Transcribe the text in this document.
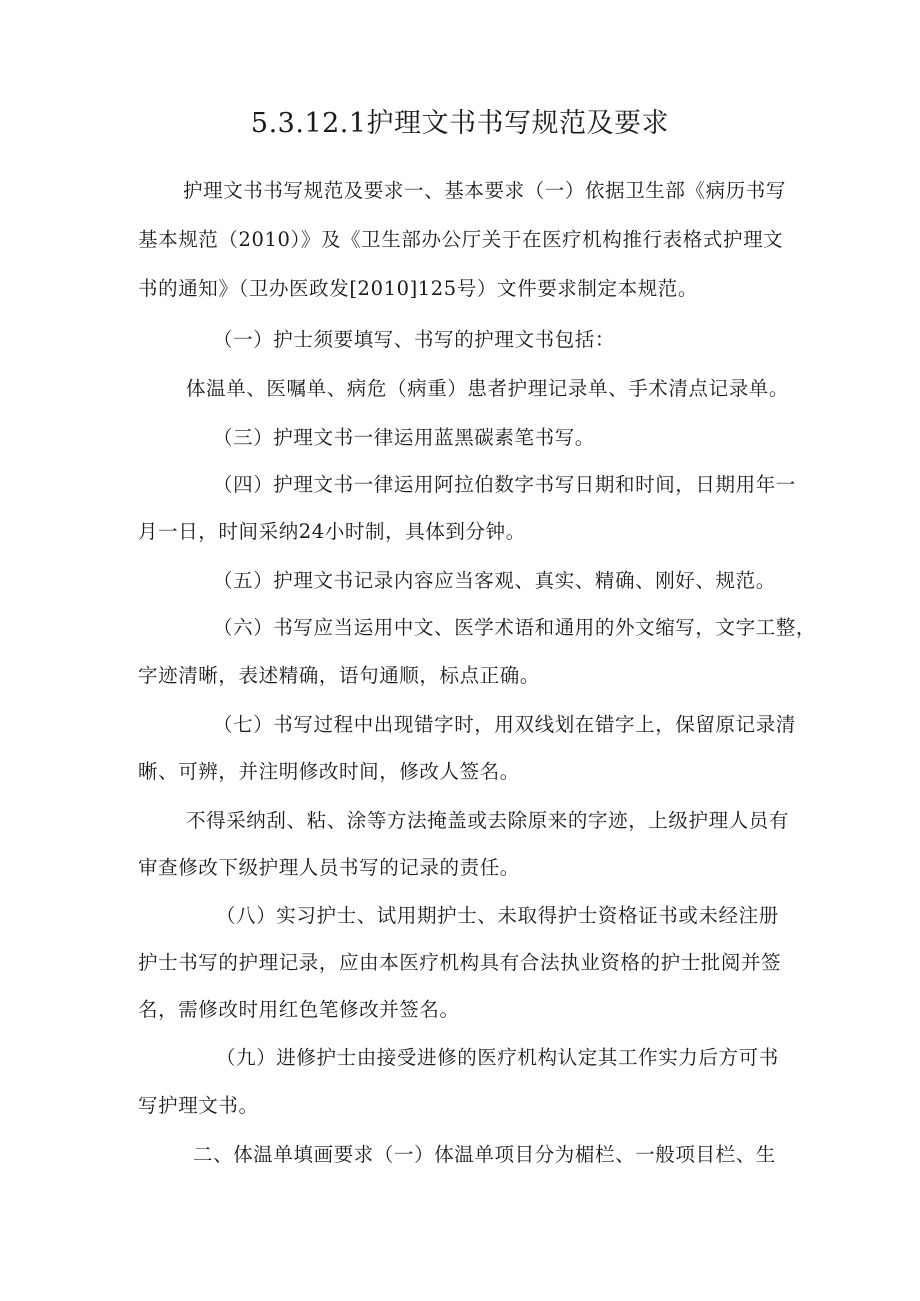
5.3.12.1护理文书书写规范及要求
护理文书书写规范及要求一、基本要求（一）依据卫生部《病历书写
基本规范（2010）》及《卫生部办公厅关于在医疗机构推行表格式护理文
书的通知》（卫办医政发[2010]125号）文件要求制定本规范。
（一）护士须要填写、书写的护理文书包括：
体温单、医嘱单、病危（病重）患者护理记录单、手术清点记录单。
（三）护理文书一律运用蓝黑碳素笔书写。
（四）护理文书一律运用阿拉伯数字书写日期和时间，日期用年一
月一日，时间采纳24小时制，具体到分钟。
（五）护理文书记录内容应当客观、真实、精确、刚好、规范。
（六）书写应当运用中文、医学术语和通用的外文缩写，文字工整，
字迹清晰，表述精确，语句通顺，标点正确。
（七）书写过程中出现错字时，用双线划在错字上，保留原记录清
晰、可辨，并注明修改时间，修改人签名。
不得采纳刮、粘、涂等方法掩盖或去除原来的字迹，上级护理人员有
审查修改下级护理人员书写的记录的责任。
（八）实习护士、试用期护士、未取得护士资格证书或未经注册
护士书写的护理记录，应由本医疗机构具有合法执业资格的护士批阅并签
名，需修改时用红色笔修改并签名。
（九）进修护士由接受进修的医疗机构认定其工作实力后方可书
写护理文书。
二、体温单填画要求（一）体温单项目分为楣栏、一般项目栏、生
